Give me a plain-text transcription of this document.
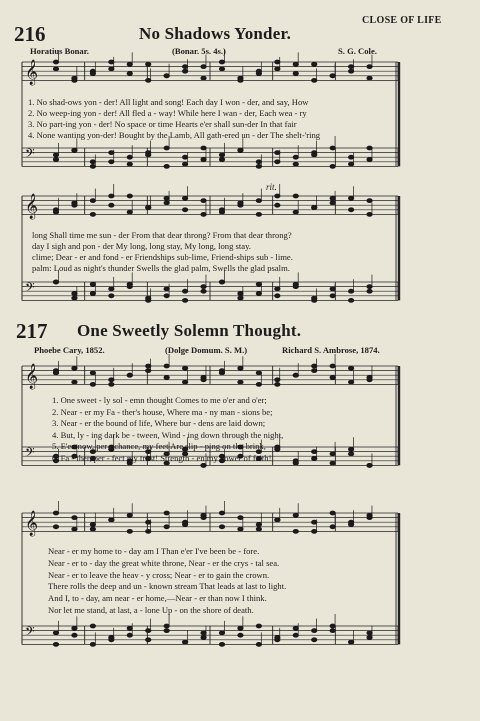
216	No Shadows Yonder.
CLOSE OF LIFE
Horatius Bonar.	(Bonar. 5s. 4s.)	S. G. Cole.
𝄞
𝄢
𝄞
𝄢
𝄞
𝄢
𝄞
𝄢
rit.
1. No shad-ows yon - der! All light and song! Each day I won - der, and say, How
2. No weep-ing yon - der! All fled a - way! While here I wan - der, Each wea - ry
3. No part-ing yon - der! No space or time Hearts e'er shall sun-der In that fair
4. None wanting yon-der! Bought by the Lamb, All gath-ered un - der The shelt-'ring
long Shall time me sun - der From that dear throng? From that dear throng?
day I sigh and pon - der My long, long stay, My long, long stay.
clime; Dear - er and fond - er Friendships sub-lime, Friend-ships sub - lime.
palm: Loud as night's thunder Swells the glad palm, Swells the glad psalm.
217 One Sweetly Solemn Thought.
Phoebe Cary, 1852.	(Dolge Domum. S. M.)	Richard S. Ambrose, 1874.
1. One sweet - ly sol - emn thought Comes to me o'er and o'er;
2. Near - er my Fa - ther's house, Where ma - ny man - sions be;
3. Near - er the bound of life, Where bur - dens are laid down;
4. But, ly - ing dark be - tween, Wind - ing down through the night,
5. E'en now, per - chance, my feet Are slip - ping on the brink,
6. Fa - ther, per - fect my trust! Strength - en my power of faith!
Near - er my home to - day am I Than e'er I've been be - fore.
Near - er to - day the great white throne, Near - er the crys - tal sea.
Near - er to leave the heav - y cross; Near - er to gain the crown.
There rolls the deep and un - known stream That leads at last to light.
And I, to - day, am near - er home,—Near - er than now I think.
Nor let me stand, at last, a - lone Up - on the shore of death.
